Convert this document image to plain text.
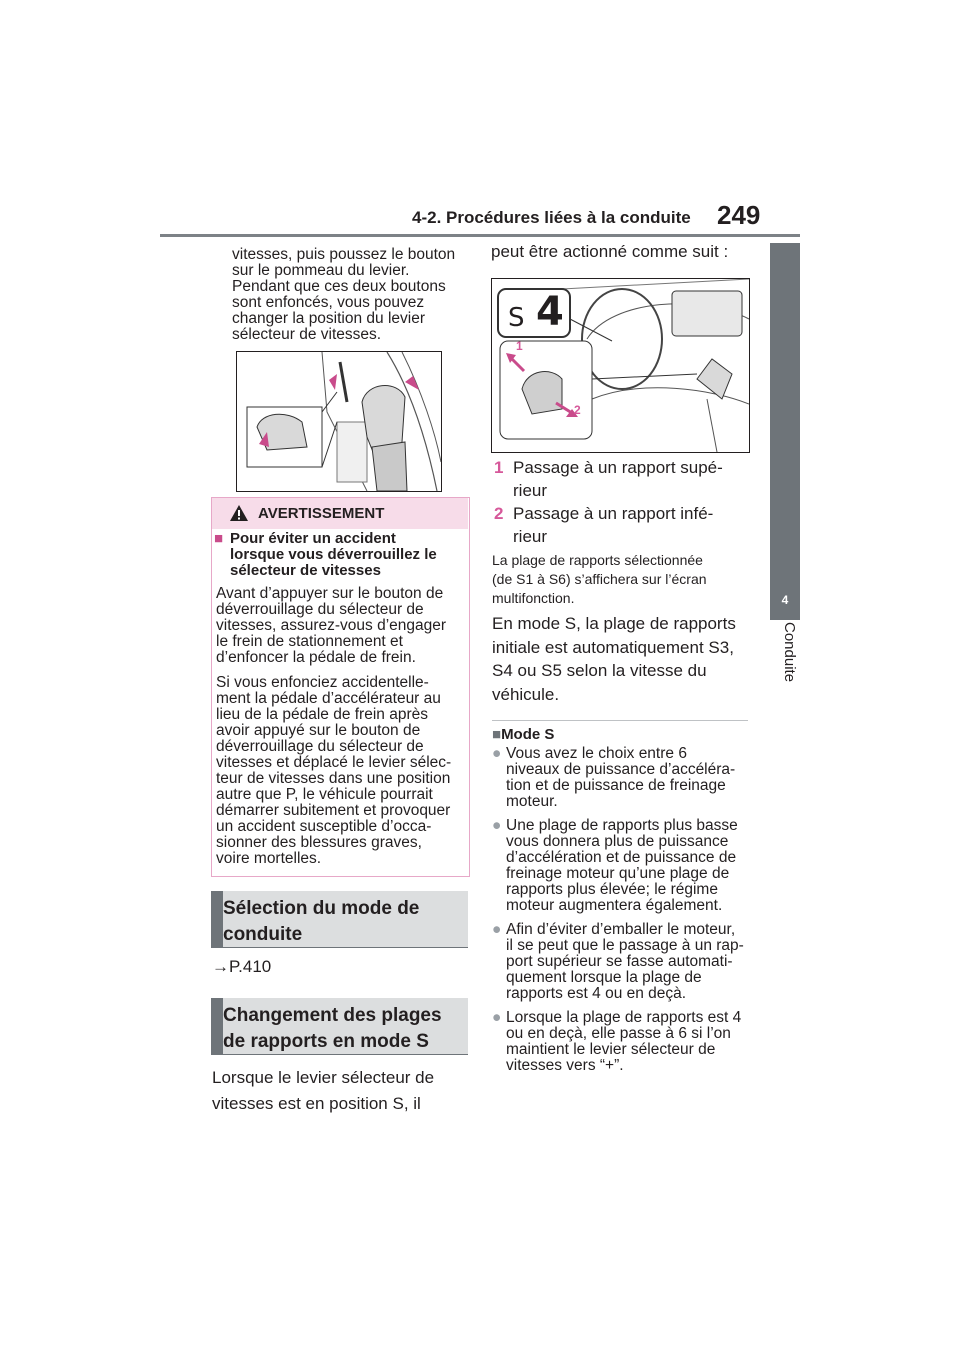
4-2. Procédures liées à la conduite 249
4
Conduite
vitesses, puis poussez le bouton
sur le pommeau du levier.
Pendant que ces deux boutons
sont enfoncés, vous pouvez
changer la position du levier
sélecteur de vitesses.
AVERTISSEMENT
■ Pour éviter un accident
lorsque vous déverrouillez le
sélecteur de vitesses
Avant d’appuyer sur le bouton de
déverrouillage du sélecteur de
vitesses, assurez-vous d’engager
le frein de stationnement et
d’enfoncer la pédale de frein.
Si vous enfonciez accidentelle-
ment la pédale d’accélérateur au
lieu de la pédale de frein après
avoir appuyé sur le bouton de
déverrouillage du sélecteur de
vitesses et déplacé le levier sélec-
teur de vitesses dans une position
autre que P, le véhicule pourrait
démarrer subitement et provoquer
un accident susceptible d’occa-
sionner des blessures graves,
voire mortelles.
Sélection du mode de
conduite
→P.410
Changement des plages
de rapports en mode S
Lorsque le levier sélecteur de
vitesses est en position S, il
peut être actionné comme suit :
S 4
1
2
1 Passage à un rapport supé-
rieur
2 Passage à un rapport infé-
rieur
La plage de rapports sélectionnée
(de S1 à S6) s’affichera sur l’écran
multifonction.
En mode S, la plage de rapports
initiale est automatiquement S3,
S4 ou S5 selon la vitesse du
véhicule.
■Mode S
● Vous avez le choix entre 6
niveaux de puissance d’accéléra-
tion et de puissance de freinage
moteur.
● Une plage de rapports plus basse
vous donnera plus de puissance
d’accélération et de puissance de
freinage moteur qu’une plage de
rapports plus élevée; le régime
moteur augmentera également.
● Afin d’éviter d’emballer le moteur,
il se peut que le passage à un rap-
port supérieur se fasse automati-
quement lorsque la plage de
rapports est 4 ou en deçà.
● Lorsque la plage de rapports est 4
ou en deçà, elle passe à 6 si l’on
maintient le levier sélecteur de
vitesses vers “+”.
